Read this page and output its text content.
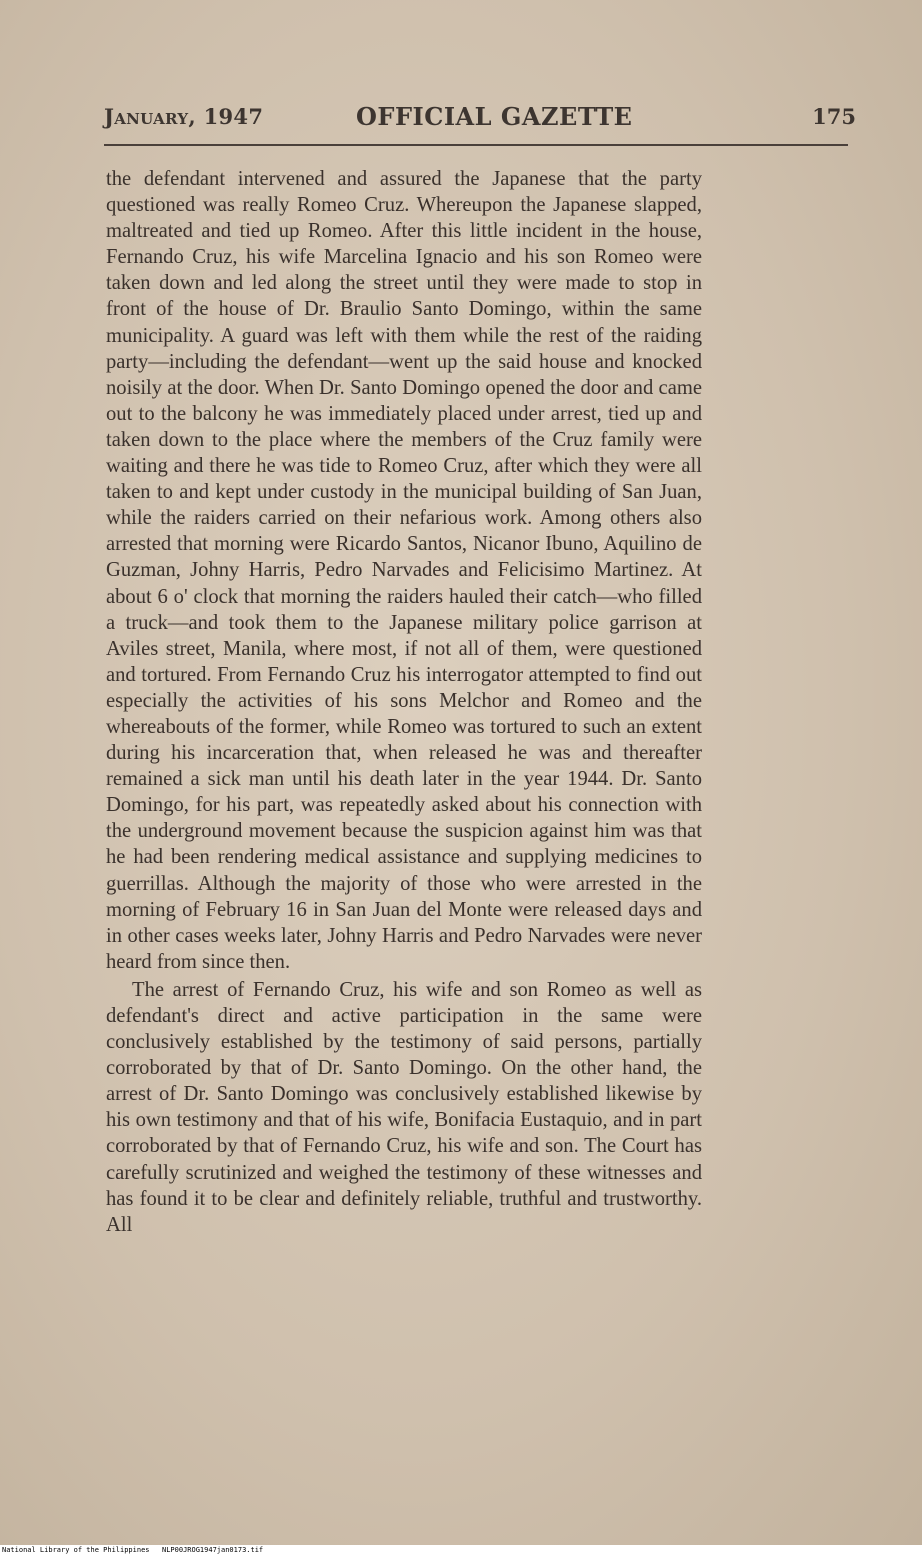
January, 1947	OFFICIAL GAZETTE	175

the defendant intervened and assured the Japanese that the party questioned was really Romeo Cruz. Whereupon the Japanese slapped, maltreated and tied up Romeo. After this little incident in the house, Fernando Cruz, his wife Marcelina Ignacio and his son Romeo were taken down and led along the street until they were made to stop in front of the house of Dr. Braulio Santo Domingo, within the same municipality. A guard was left with them while the rest of the raiding party—including the defendant—went up the said house and knocked noisily at the door. When Dr. Santo Domingo opened the door and came out to the balcony he was immediately placed under arrest, tied up and taken down to the place where the members of the Cruz family were waiting and there he was tide to Romeo Cruz, after which they were all taken to and kept under custody in the municipal building of San Juan, while the raiders carried on their nefarious work. Among others also arrested that morning were Ricardo Santos, Nicanor Ibuno, Aquilino de Guzman, Johny Harris, Pedro Narvades and Felicisimo Martinez. At about 6 o' clock that morning the raiders hauled their catch—who filled a truck—and took them to the Japanese military police garrison at Aviles street, Manila, where most, if not all of them, were questioned and tortured. From Fernando Cruz his interrogator attempted to find out especially the activities of his sons Melchor and Romeo and the whereabouts of the former, while Romeo was tortured to such an extent during his incarceration that, when released he was and thereafter remained a sick man until his death later in the year 1944. Dr. Santo Domingo, for his part, was repeatedly asked about his connection with the underground movement because the suspicion against him was that he had been rendering medical assistance and supplying medicines to guerrillas. Although the majority of those who were arrested in the morning of February 16 in San Juan del Monte were released days and in other cases weeks later, Johny Harris and Pedro Narvades were never heard from since then.

The arrest of Fernando Cruz, his wife and son Romeo as well as defendant's direct and active participation in the same were conclusively established by the testimony of said persons, partially corroborated by that of Dr. Santo Domingo. On the other hand, the arrest of Dr. Santo Domingo was conclusively established likewise by his own testimony and that of his wife, Bonifacia Eustaquio, and in part corroborated by that of Fernando Cruz, his wife and son. The Court has carefully scrutinized and weighed the testimony of these witnesses and has found it to be clear and definitely reliable, truthful and trustworthy. All

National Library of the Philippines NLP00JROG1947jan0173.tif
